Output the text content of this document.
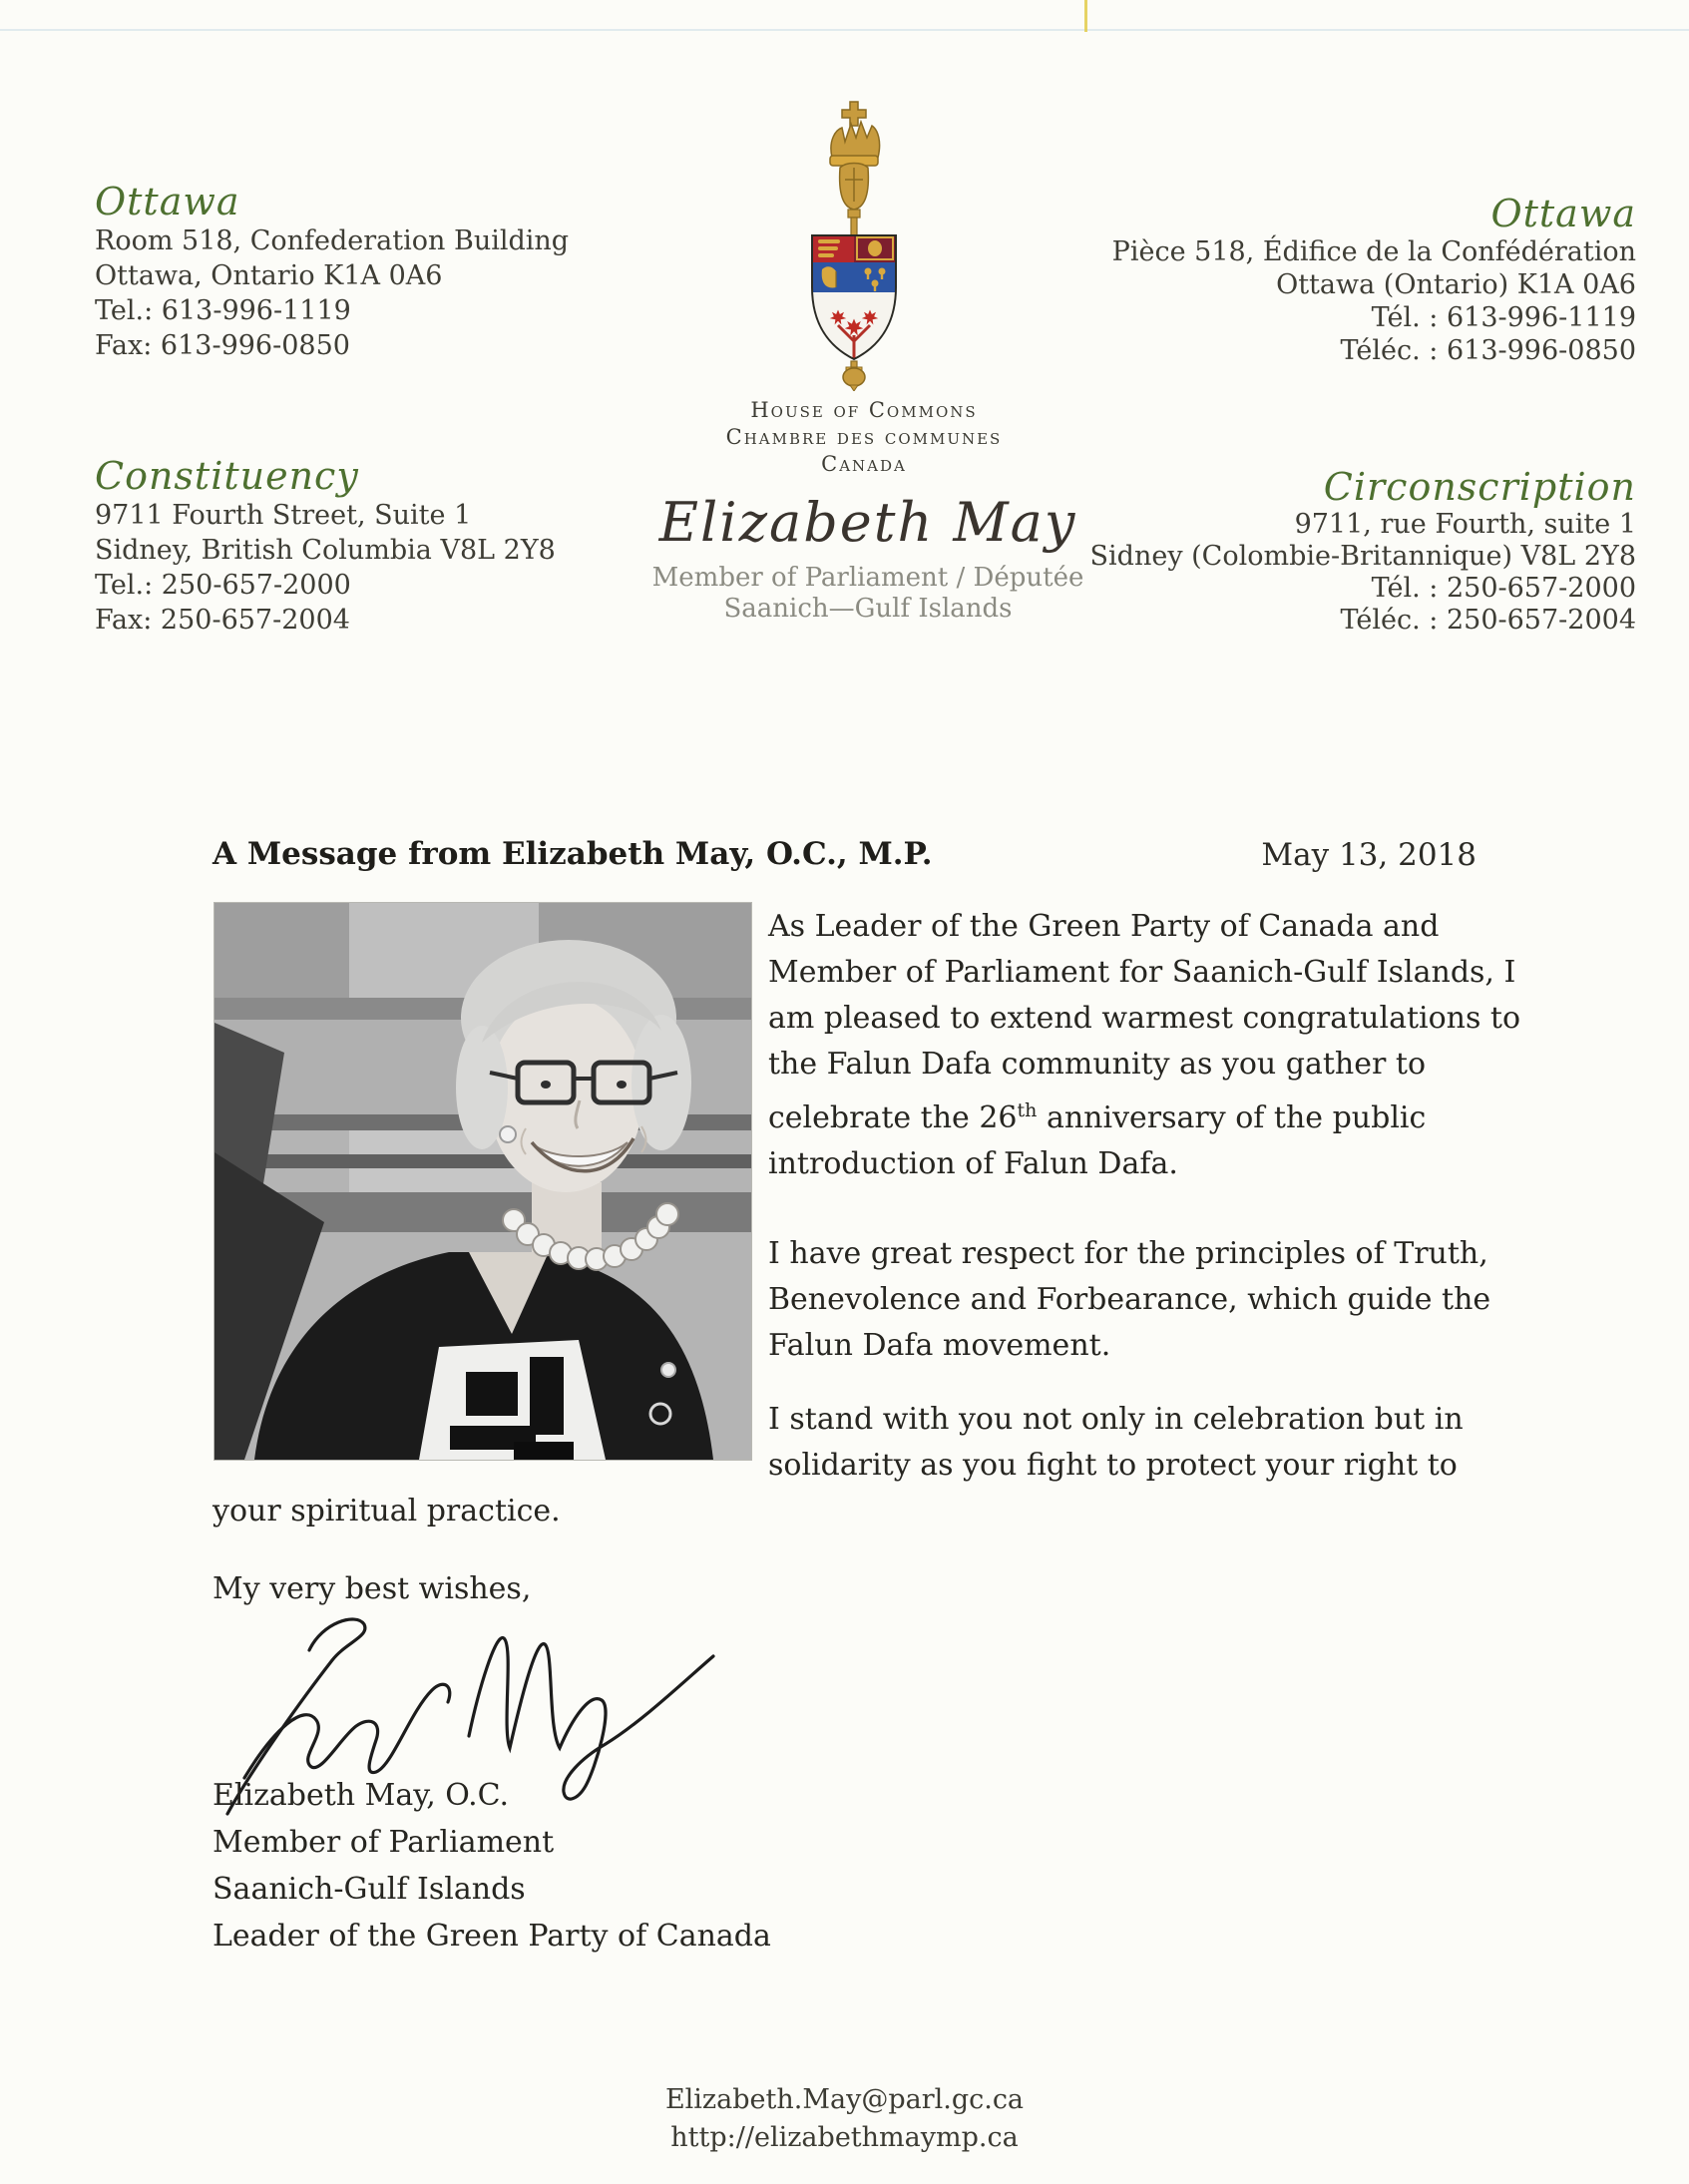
Ottawa
Room 518, Confederation Building
Ottawa, Ontario K1A 0A6
Tel.: 613-996-1119
Fax: 613-996-0850
Ottawa
Pièce 518, Édifice de la Confédération
Ottawa (Ontario) K1A 0A6
Tél. : 613-996-1119
Téléc. : 613-996-0850
Constituency
9711 Fourth Street, Suite 1
Sidney, British Columbia V8L 2Y8
Tel.: 250-657-2000
Fax: 250-657-2004
Circonscription
9711, rue Fourth, suite 1
Sidney (Colombie-Britannique) V8L 2Y8
Tél. : 250-657-2000
Téléc. : 250-657-2004
House of Commons
Chambre des communes
Canada
Elizabeth May
Member of Parliament / Députée
Saanich—Gulf Islands
A Message from Elizabeth May, O.C., M.P.	May 13, 2018
As Leader of the Green Party of Canada and
Member of Parliament for Saanich-Gulf Islands, I
am pleased to extend warmest congratulations to
the Falun Dafa community as you gather to
celebrate the 26th anniversary of the public
introduction of Falun Dafa.
I have great respect for the principles of Truth,
Benevolence and Forbearance, which guide the
Falun Dafa movement.
I stand with you not only in celebration but in
solidarity as you fight to protect your right to
your spiritual practice.
My very best wishes,
Elizabeth May, O.C.
Member of Parliament
Saanich-Gulf Islands
Leader of the Green Party of Canada
Elizabeth.May@parl.gc.ca
http://elizabethmaymp.ca
